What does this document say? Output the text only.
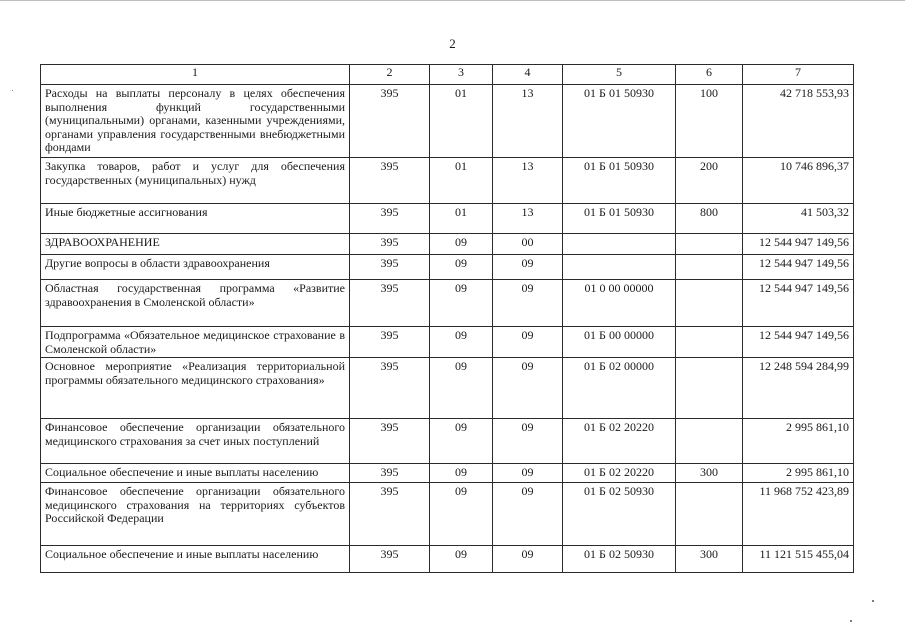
2
1	2	3	4	5	6	7
Расходы на выплаты персоналу в целях обеспечения выполнения функций государственными (муниципальными) органами, казенными учреждениями, органами управления государственными внебюджетными фондами	395	01	13	01 Б 01 50930	100	42 718 553,93
Закупка товаров, работ и услуг для обеспечения государственных (муниципальных) нужд	395	01	13	01 Б 01 50930	200	10 746 896,37
Иные бюджетные ассигнования	395	01	13	01 Б 01 50930	800	41 503,32
ЗДРАВООХРАНЕНИЕ	395	09	00			12 544 947 149,56
Другие вопросы в области здравоохранения	395	09	09			12 544 947 149,56
Областная государственная программа «Развитие здравоохранения в Смоленской области»	395	09	09	01 0 00 00000		12 544 947 149,56
Подпрограмма «Обязательное медицинское страхование в Смоленской области»	395	09	09	01 Б 00 00000		12 544 947 149,56
Основное мероприятие «Реализация территориальной программы обязательного медицинского страхования»	395	09	09	01 Б 02 00000		12 248 594 284,99
Финансовое обеспечение организации обязательного медицинского страхования за счет иных поступлений	395	09	09	01 Б 02 20220		2 995 861,10
Социальное обеспечение и иные выплаты населению	395	09	09	01 Б 02 20220	300	2 995 861,10
Финансовое обеспечение организации обязательного медицинского страхования на территориях субъектов Российской Федерации	395	09	09	01 Б 02 50930		11 968 752 423,89
Социальное обеспечение и иные выплаты населению	395	09	09	01 Б 02 50930	300	11 121 515 455,04
